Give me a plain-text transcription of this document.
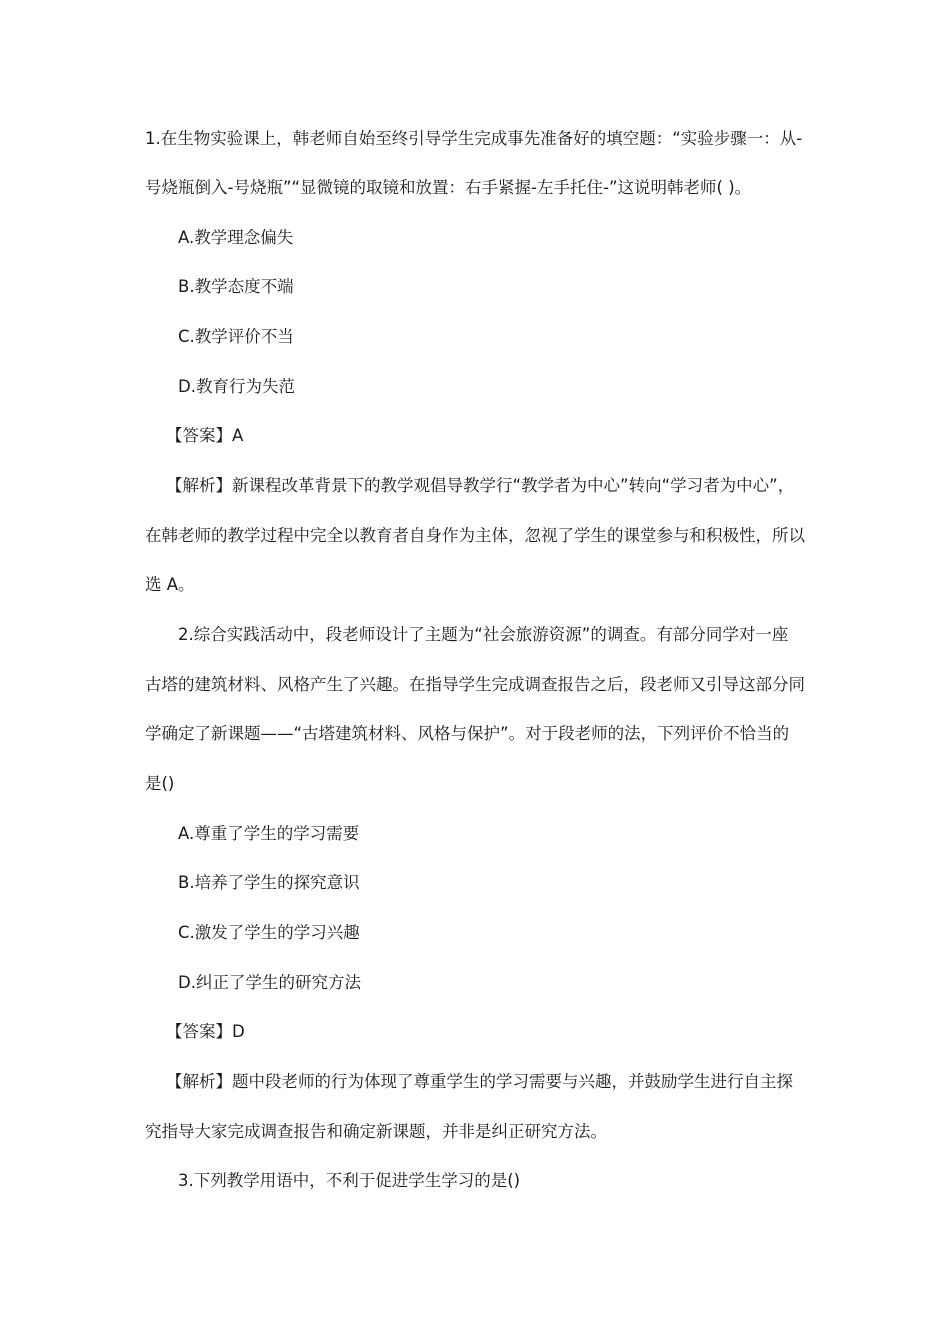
1.在生物实验课上，韩老师自始至终引导学生完成事先准备好的填空题：“实验步骤一：从-
号烧瓶倒入-号烧瓶”“显微镜的取镜和放置：右手紧握-左手托住-”这说明韩老师( )。
A.教学理念偏失
B.教学态度不端
C.教学评价不当
D.教育行为失范
【答案】A
【解析】新课程改革背景下的教学观倡导教学行“教学者为中心”转向“学习者为中心”，
在韩老师的教学过程中完全以教育者自身作为主体，忽视了学生的课堂参与和积极性，所以
选 A。
2.综合实践活动中，段老师设计了主题为“社会旅游资源”的调查。有部分同学对一座
古塔的建筑材料、风格产生了兴趣。在指导学生完成调查报告之后，段老师又引导这部分同
学确定了新课题——“古塔建筑材料、风格与保护”。对于段老师的法，下列评价不恰当的
是()
A.尊重了学生的学习需要
B.培养了学生的探究意识
C.激发了学生的学习兴趣
D.纠正了学生的研究方法
【答案】D
【解析】题中段老师的行为体现了尊重学生的学习需要与兴趣，并鼓励学生进行自主探
究指导大家完成调查报告和确定新课题，并非是纠正研究方法。
3.下列教学用语中，不利于促进学生学习的是()
